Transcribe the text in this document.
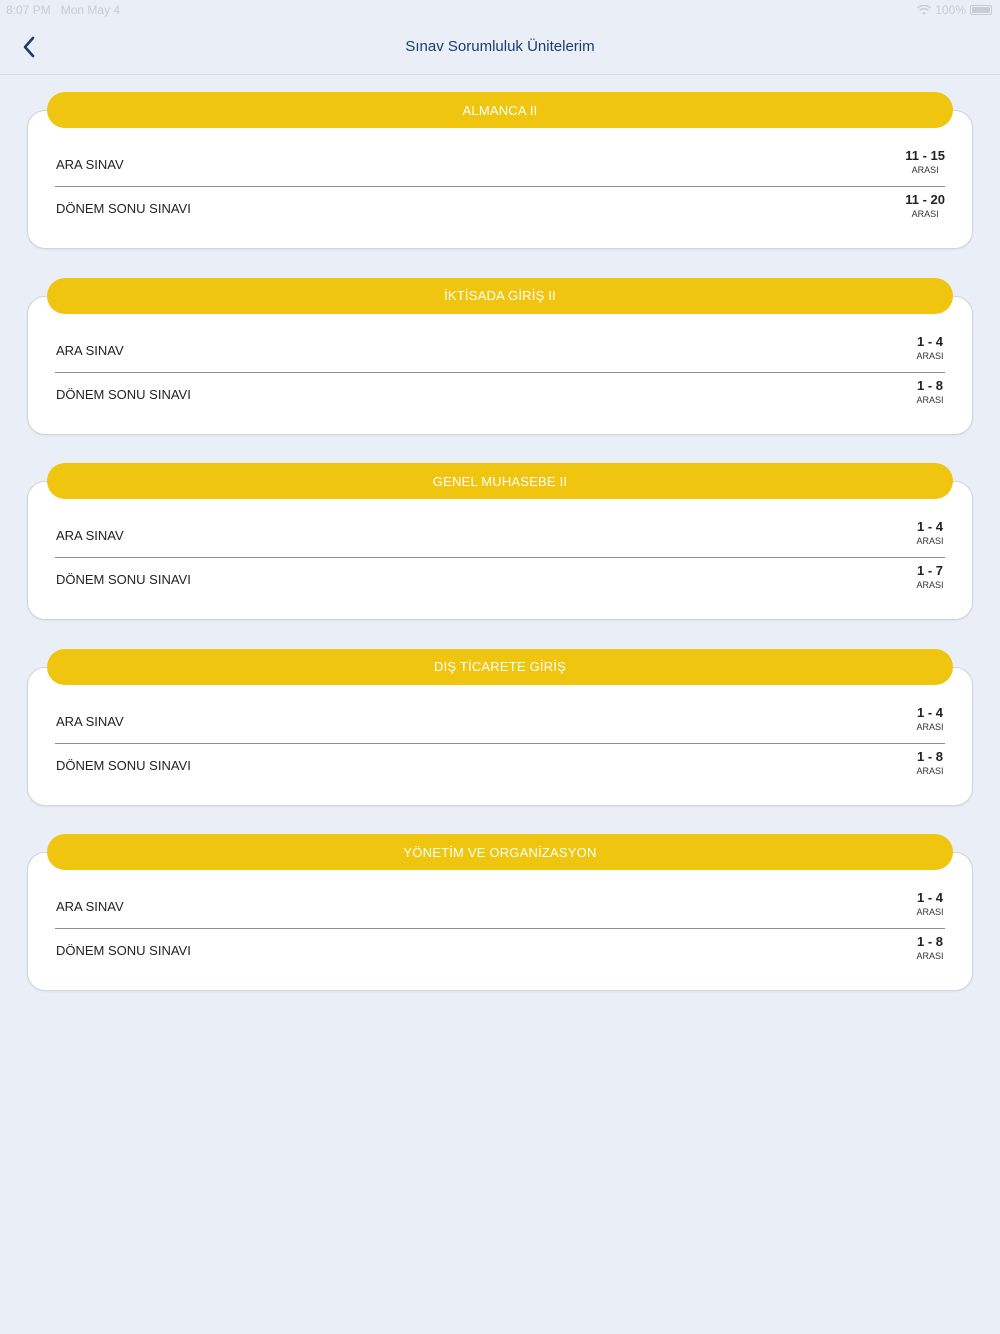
8:07 PM Mon May 4	100%
Sınav Sorumluluk Ünitelerim
ALMANCA II
ARA SINAV
11 - 15
ARASI
DÖNEM SONU SINAVI
11 - 20
ARASI
İKTİSADA GİRİŞ II
ARA SINAV
1 - 4
ARASI
DÖNEM SONU SINAVI
1 - 8
ARASI
GENEL MUHASEBE II
ARA SINAV
1 - 4
ARASI
DÖNEM SONU SINAVI
1 - 7
ARASI
DIŞ TİCARETE GİRİŞ
ARA SINAV
1 - 4
ARASI
DÖNEM SONU SINAVI
1 - 8
ARASI
YÖNETİM VE ORGANİZASYON
ARA SINAV
1 - 4
ARASI
DÖNEM SONU SINAVI
1 - 8
ARASI
